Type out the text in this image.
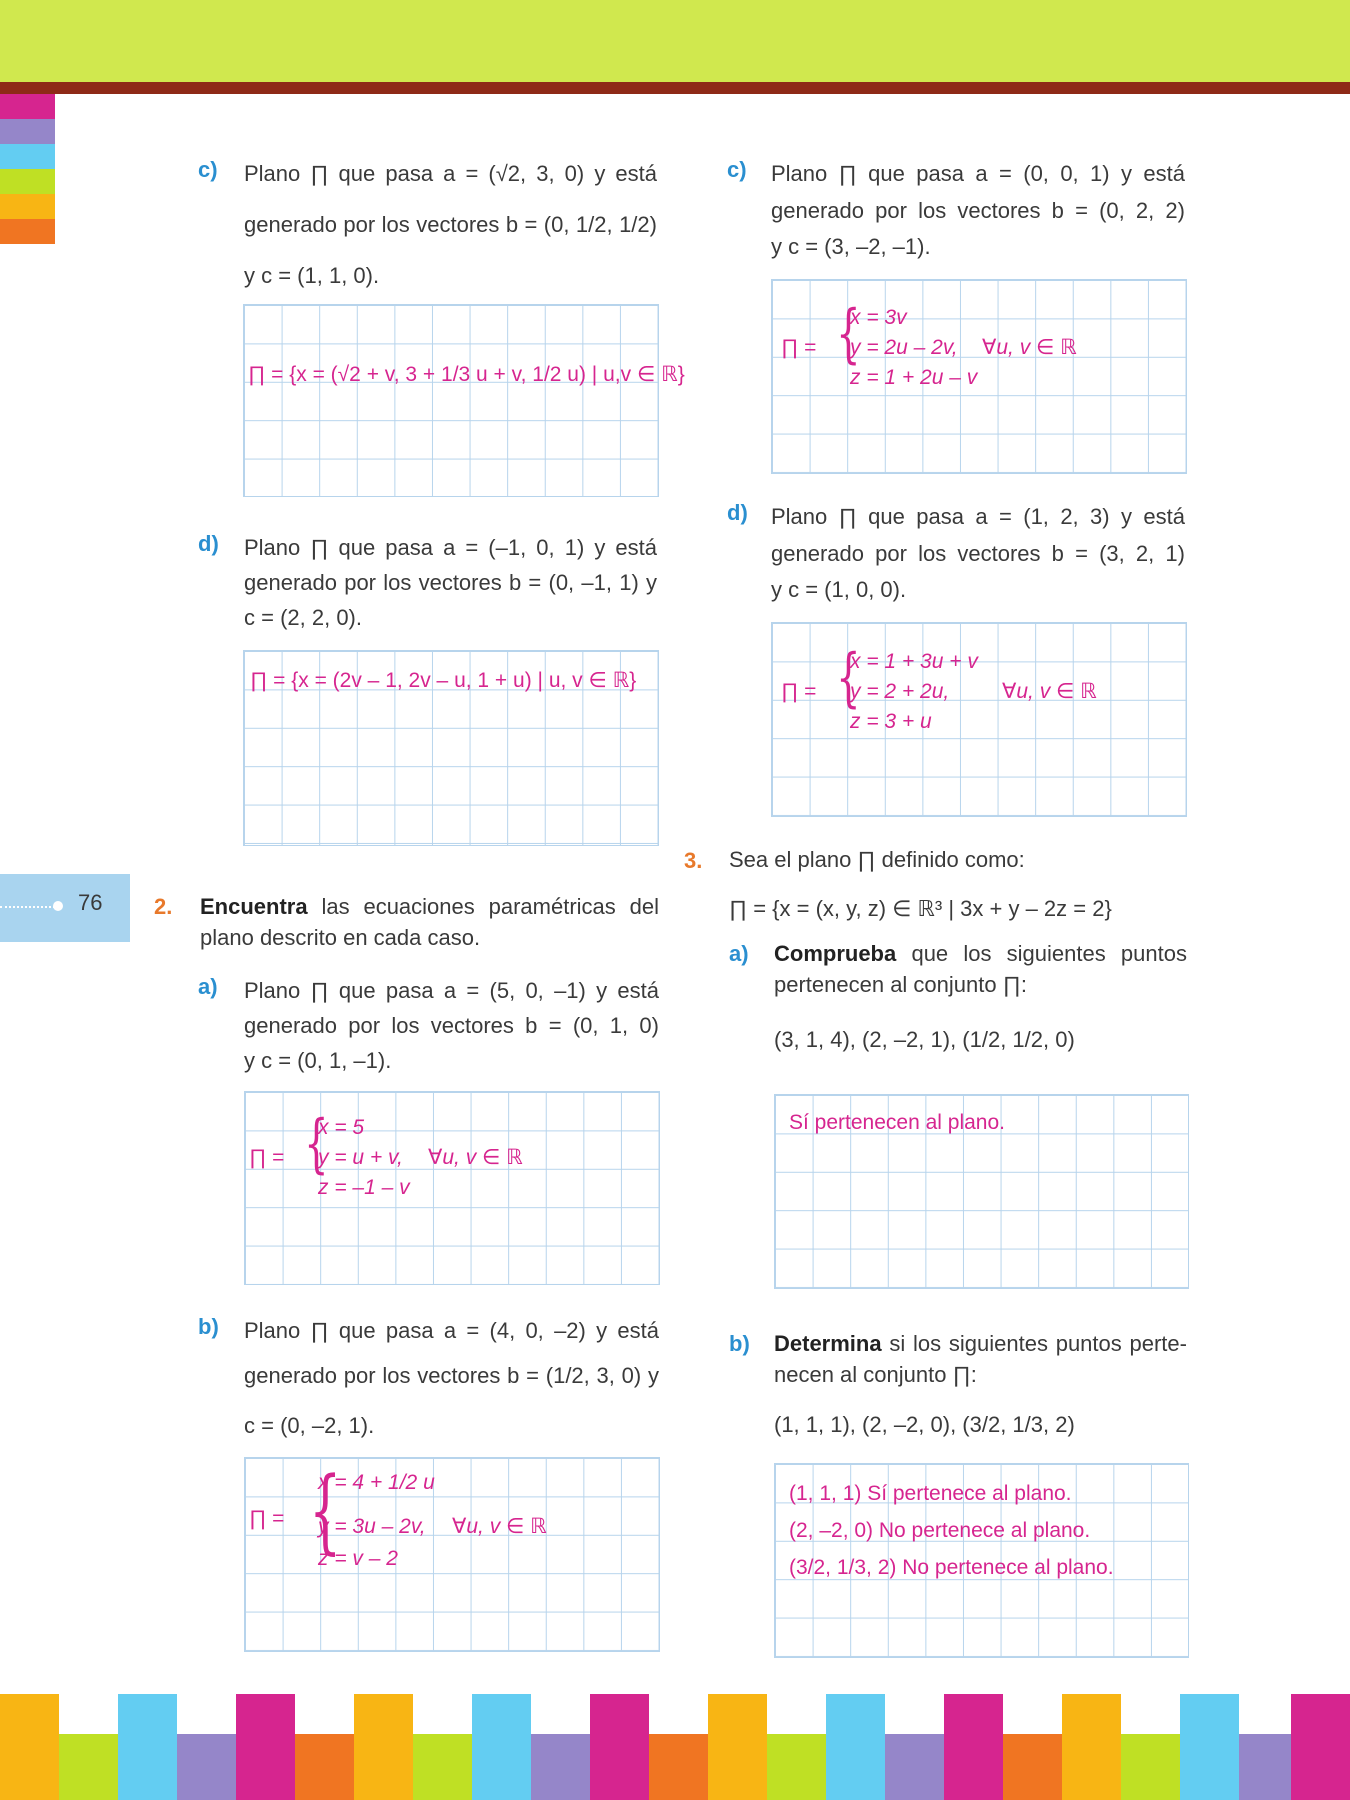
76
c) Plano ∏ que pasa a = (√2, 3, 0) y está
generado por los vectores b = (0, 1/2, 1/2)
y c = (1, 1, 0).
∏ = {x = (√2 + v, 3 + 1/3 u + v, 1/2 u) | u,v ∈ ℝ}
d) Plano ∏ que pasa a = (–1, 0, 1) y está
generado por los vectores b = (0, –1, 1) y
c = (2, 2, 0).
∏ = {x = (2v – 1, 2v – u, 1 + u) | u, v ∈ ℝ}
2. Encuentra las ecuaciones paramétricas del
plano descrito en cada caso.
a) Plano ∏ que pasa a = (5, 0, –1) y está
generado por los vectores b = (0, 1, 0)
y c = (0, 1, –1).
∏ = {
x = 5
y = u + v,
z = –1 – v
∀u, v ∈ ℝ
b) Plano ∏ que pasa a = (4, 0, –2) y está
generado por los vectores b = (1/2, 3, 0) y
c = (0, –2, 1).
∏ = {
x = 4 + 1/2 u
y = 3u – 2v,
z = v – 2
∀u, v ∈ ℝ
c) Plano ∏ que pasa a = (0, 0, 1) y está
generado por los vectores b = (0, 2, 2)
y c = (3, –2, –1).
∏ = {
x = 3v
y = 2u – 2v,
z = 1 + 2u – v
∀u, v ∈ ℝ
d) Plano ∏ que pasa a = (1, 2, 3) y está
generado por los vectores b = (3, 2, 1)
y c = (1, 0, 0).
∏ = {
x = 1 + 3u + v
y = 2 + 2u,
z = 3 + u
∀u, v ∈ ℝ
3. Sea el plano ∏ definido como:
∏ = {x = (x, y, z) ∈ ℝ³ | 3x + y – 2z = 2}
a) Comprueba que los siguientes puntos
pertenecen al conjunto ∏:
(3, 1, 4), (2, –2, 1), (1/2, 1/2, 0)
Sí pertenecen al plano.
b) Determina si los siguientes puntos perte-
necen al conjunto ∏:
(1, 1, 1), (2, –2, 0), (3/2, 1/3, 2)
(1, 1, 1) Sí pertenece al plano.
(2, –2, 0) No pertenece al plano.
(3/2, 1/3, 2) No pertenece al plano.
